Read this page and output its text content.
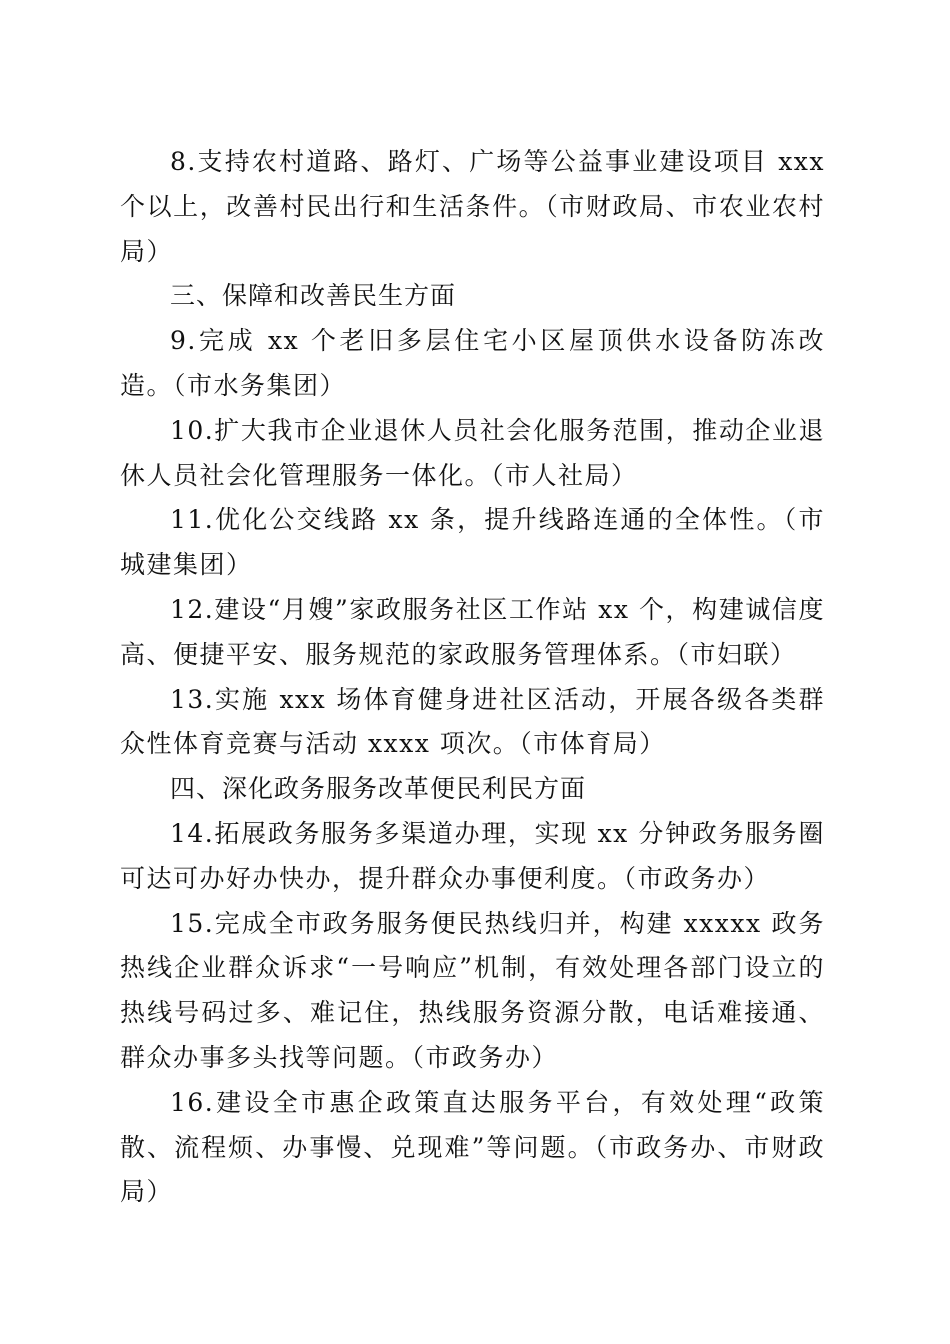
8.支持农村道路、路灯、广场等公益事业建设项目 xxx 个以上，改善村民出行和生活条件。（市财政局、市农业农村局）

三、保障和改善民生方面

9.完成 xx 个老旧多层住宅小区屋顶供水设备防冻改造。（市水务集团）

10.扩大我市企业退休人员社会化服务范围，推动企业退休人员社会化管理服务一体化。（市人社局）

11.优化公交线路 xx 条，提升线路连通的全体性。（市城建集团）

12.建设“月嫂”家政服务社区工作站 xx 个，构建诚信度高、便捷平安、服务规范的家政服务管理体系。（市妇联）

13.实施 xxx 场体育健身进社区活动，开展各级各类群众性体育竞赛与活动 xxxx 项次。（市体育局）

四、深化政务服务改革便民利民方面

14.拓展政务服务多渠道办理，实现 xx 分钟政务服务圈可达可办好办快办，提升群众办事便利度。（市政务办）

15.完成全市政务服务便民热线归并，构建 xxxxx 政务热线企业群众诉求“一号响应”机制，有效处理各部门设立的热线号码过多、难记住，热线服务资源分散，电话难接通、群众办事多头找等问题。（市政务办）

16.建设全市惠企政策直达服务平台，有效处理“政策散、流程烦、办事慢、兑现难”等问题。（市政务办、市财政局）
